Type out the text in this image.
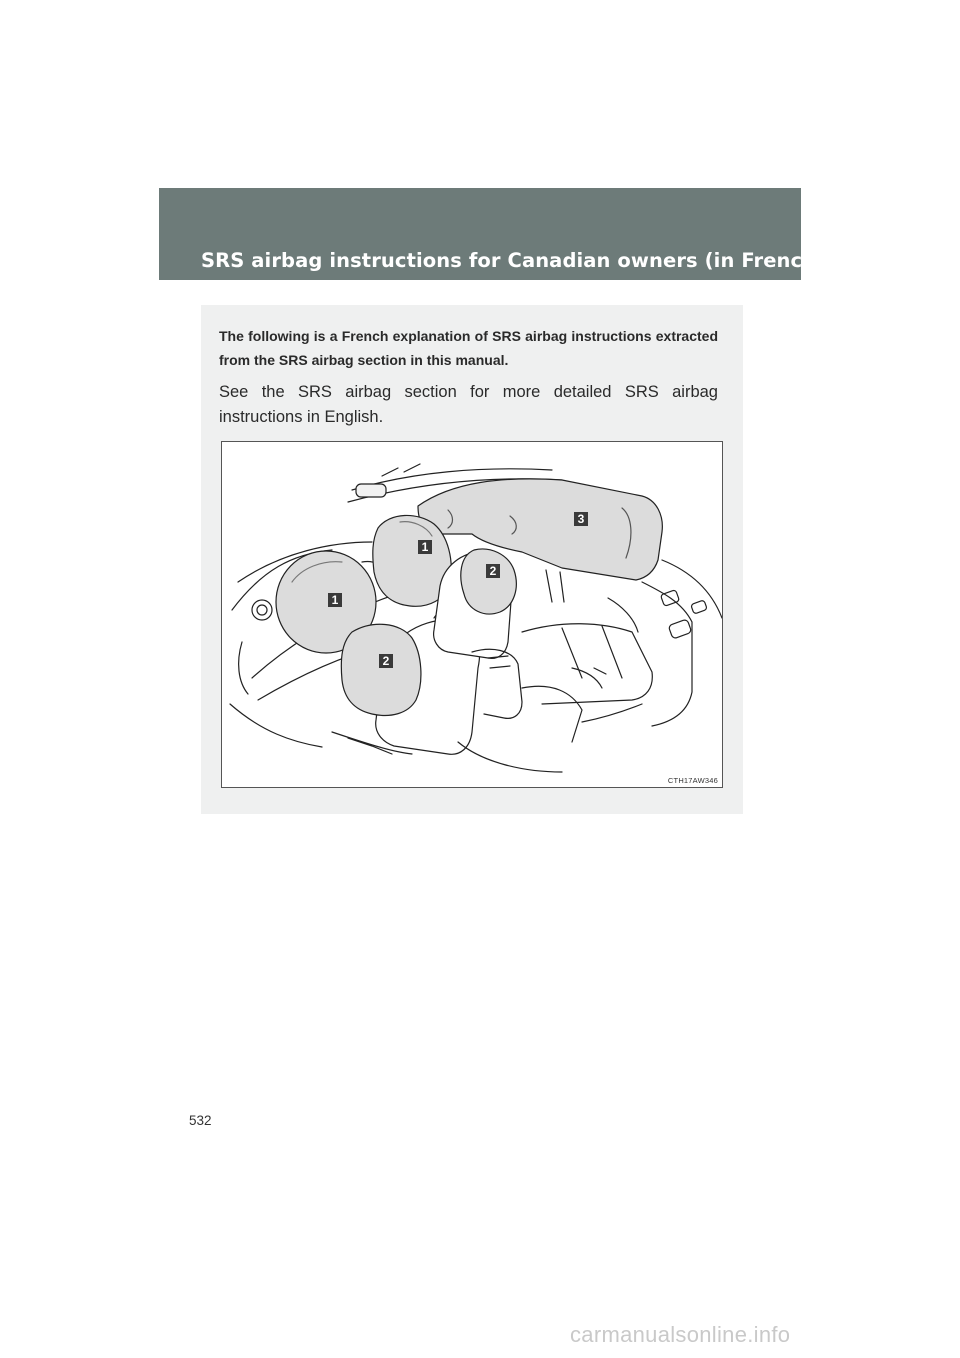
SRS airbag instructions for Canadian owners (in French)

The following is a French explanation of SRS airbag instructions extracted from the SRS airbag section in this manual.

See the SRS airbag section for more detailed SRS airbag instructions in English.

1
1
2
2
3
CTH17AW346
532
carmanualsonline.info
